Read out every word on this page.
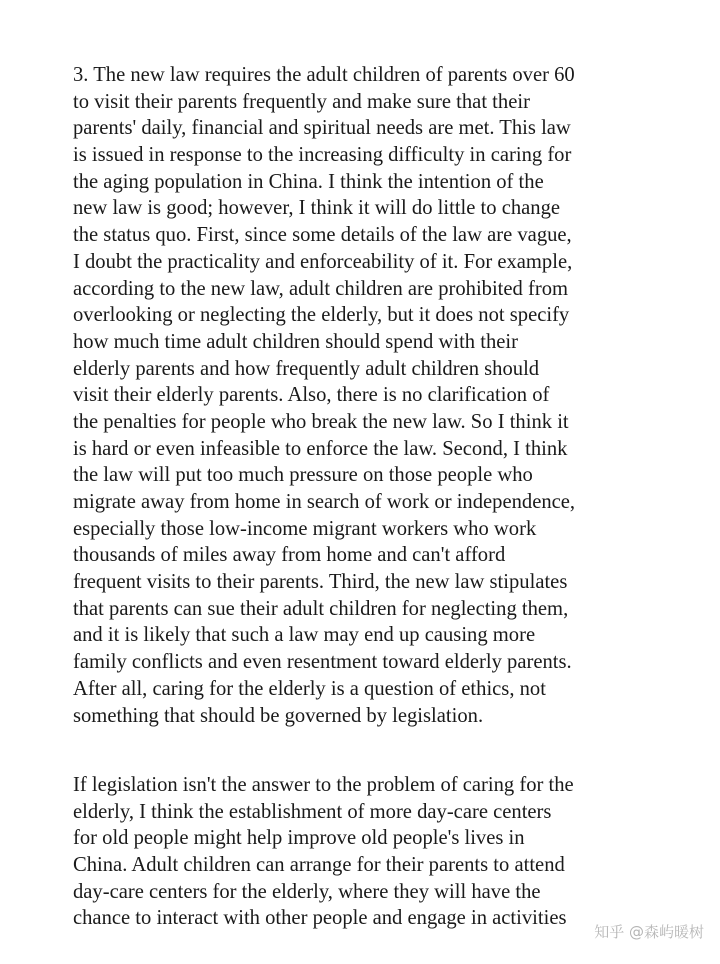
3. The new law requires the adult children of parents over 60
to visit their parents frequently and make sure that their
parents' daily, financial and spiritual needs are met. This law
is issued in response to the increasing difficulty in caring for
the aging population in China. I think the intention of the
new law is good; however, I think it will do little to change
the status quo. First, since some details of the law are vague,
I doubt the practicality and enforceability of it. For example,
according to the new law, adult children are prohibited from
overlooking or neglecting the elderly, but it does not specify
how much time adult children should spend with their
elderly parents and how frequently adult children should
visit their elderly parents. Also, there is no clarification of
the penalties for people who break the new law. So I think it
is hard or even infeasible to enforce the law. Second, I think
the law will put too much pressure on those people who
migrate away from home in search of work or independence,
especially those low-income migrant workers who work
thousands of miles away from home and can't afford
frequent visits to their parents. Third, the new law stipulates
that parents can sue their adult children for neglecting them,
and it is likely that such a law may end up causing more
family conflicts and even resentment toward elderly parents.
After all, caring for the elderly is a question of ethics, not
something that should be governed by legislation.
If legislation isn't the answer to the problem of caring for the
elderly, I think the establishment of more day-care centers
for old people might help improve old people's lives in
China. Adult children can arrange for their parents to attend
day-care centers for the elderly, where they will have the
chance to interact with other people and engage in activities
知乎 @森屿暖树
